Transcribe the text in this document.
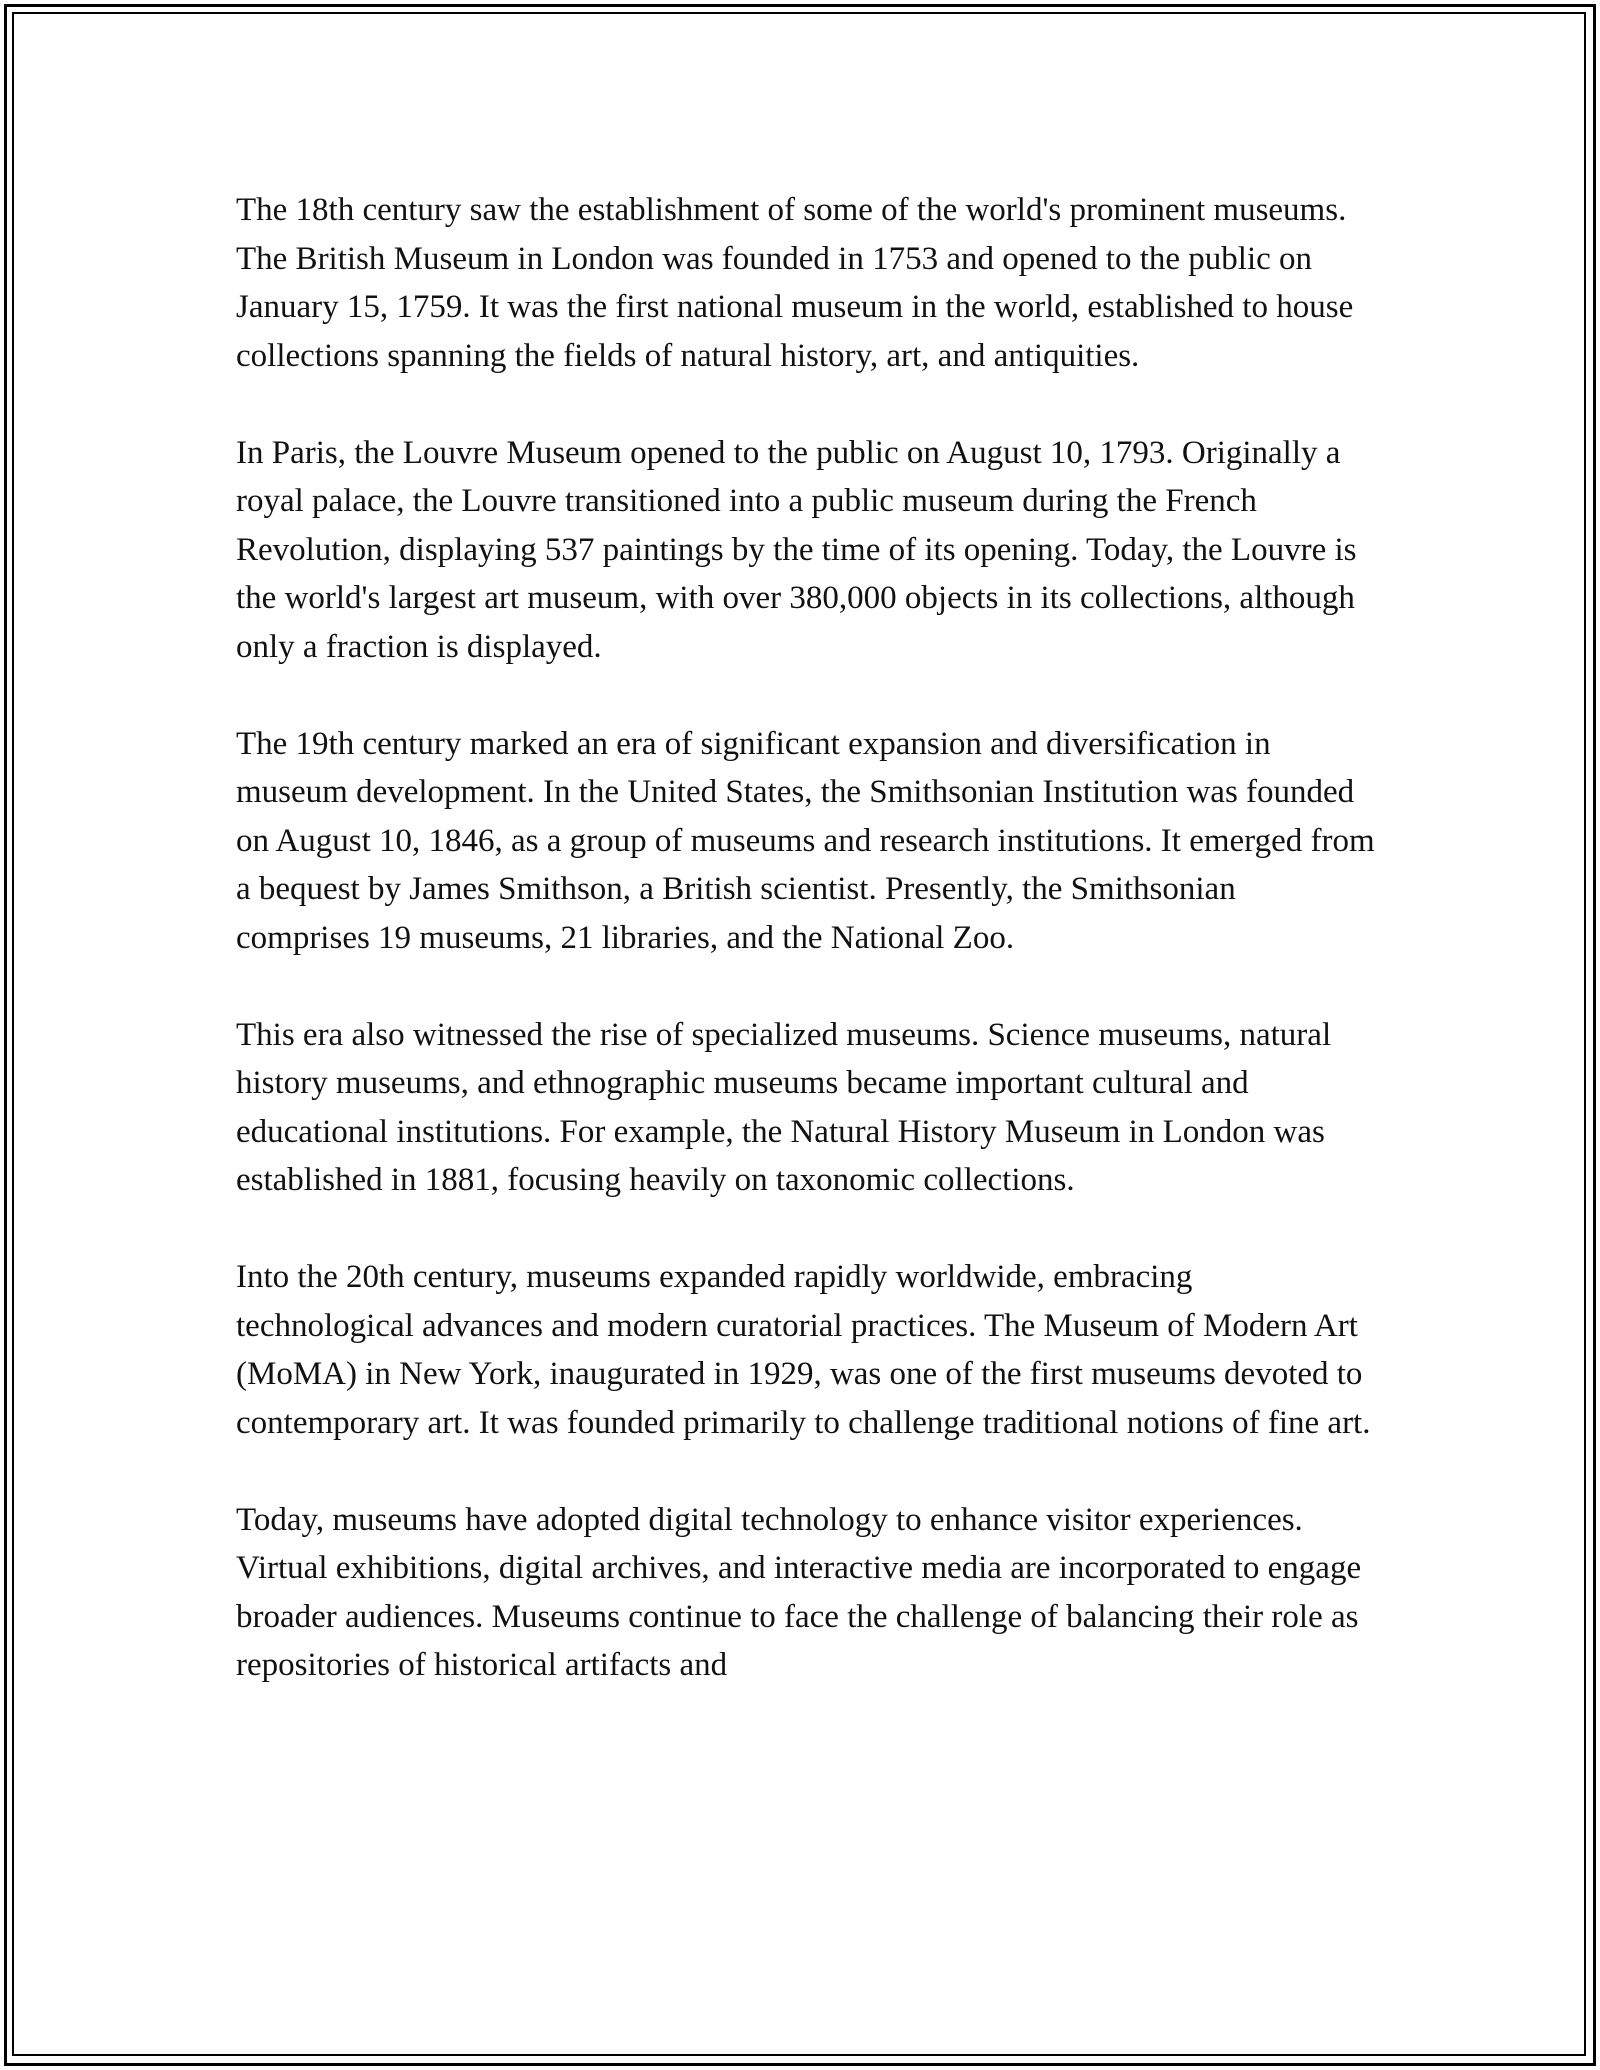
The 18th century saw the establishment of some of the world's prominent museums. The British Museum in London was founded in 1753 and opened to the public on January 15, 1759. It was the first national museum in the world, established to house collections spanning the fields of natural history, art, and antiquities.

In Paris, the Louvre Museum opened to the public on August 10, 1793. Originally a royal palace, the Louvre transitioned into a public museum during the French Revolution, displaying 537 paintings by the time of its opening. Today, the Louvre is the world's largest art museum, with over 380,000 objects in its collections, although only a fraction is displayed.

The 19th century marked an era of significant expansion and diversification in museum development. In the United States, the Smithsonian Institution was founded on August 10, 1846, as a group of museums and research institutions. It emerged from a bequest by James Smithson, a British scientist. Presently, the Smithsonian comprises 19 museums, 21 libraries, and the National Zoo.

This era also witnessed the rise of specialized museums. Science museums, natural history museums, and ethnographic museums became important cultural and educational institutions. For example, the Natural History Museum in London was established in 1881, focusing heavily on taxonomic collections.

Into the 20th century, museums expanded rapidly worldwide, embracing technological advances and modern curatorial practices. The Museum of Modern Art (MoMA) in New York, inaugurated in 1929, was one of the first museums devoted to contemporary art. It was founded primarily to challenge traditional notions of fine art.

Today, museums have adopted digital technology to enhance visitor experiences. Virtual exhibitions, digital archives, and interactive media are incorporated to engage broader audiences. Museums continue to face the challenge of balancing their role as repositories of historical artifacts and
